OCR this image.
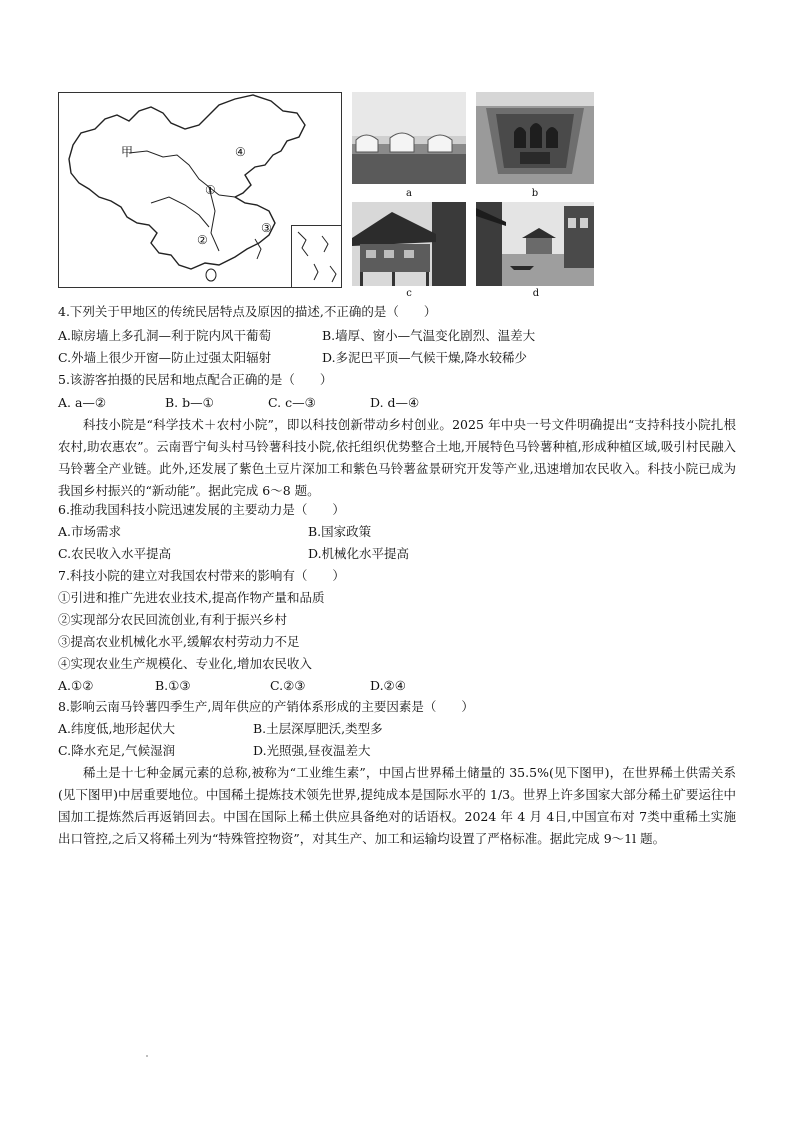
甲
①
②
③
④
a	b
c	d
4.下列关于甲地区的传统民居特点及原因的描述,不正确的是（　　）
A.晾房墙上多孔洞—利于院内风干葡萄	B.墙厚、窗小—气温变化剧烈、温差大
C.外墙上很少开窗—防止过强太阳辐射	D.多泥巴平顶—气候干燥,降水较稀少
5.该游客拍摄的民居和地点配合正确的是（　　）
A. a—②	B. b—①	C. c—③	D. d—④
科技小院是“科学技术＋农村小院”，即以科技创新带动乡村创业。2025 年中央一号文件明确提出“支持科技小院扎根农村,助农惠农”。云南晋宁甸头村马铃薯科技小院,依托组织优势整合土地,开展特色马铃薯种植,形成种植区域,吸引村民融入马铃薯全产业链。此外,还发展了紫色土豆片深加工和紫色马铃薯盆景研究开发等产业,迅速增加农民收入。科技小院已成为我国乡村振兴的“新动能”。据此完成 6～8 题。
6.推动我国科技小院迅速发展的主要动力是（　　）
A.市场需求	B.国家政策
C.农民收入水平提高	D.机械化水平提高
7.科技小院的建立对我国农村带来的影响有（　　）
①引进和推广先进农业技术,提高作物产量和品质
②实现部分农民回流创业,有利于振兴乡村
③提高农业机械化水平,缓解农村劳动力不足
④实现农业生产规模化、专业化,增加农民收入
A.①②	B.①③	C.②③	D.②④
8.影响云南马铃薯四季生产,周年供应的产销体系形成的主要因素是（　　）
A.纬度低,地形起伏大	B.土层深厚肥沃,类型多
C.降水充足,气候湿润	D.光照强,昼夜温差大
稀土是十七种金属元素的总称,被称为“工业维生素”，中国占世界稀土储量的 35.5%(见下图甲)，在世界稀土供需关系(见下图甲)中居重要地位。中国稀土提炼技术领先世界,提纯成本是国际水平的 1/3。世界上许多国家大部分稀土矿要运往中国加工提炼然后再返销回去。中国在国际上稀土供应具备绝对的话语权。2024 年 4 月 4日,中国宣布对 7类中重稀土实施出口管控,之后又将稀土列为“特殊管控物资”，对其生产、加工和运输均设置了严格标准。据此完成 9～1l 题。
